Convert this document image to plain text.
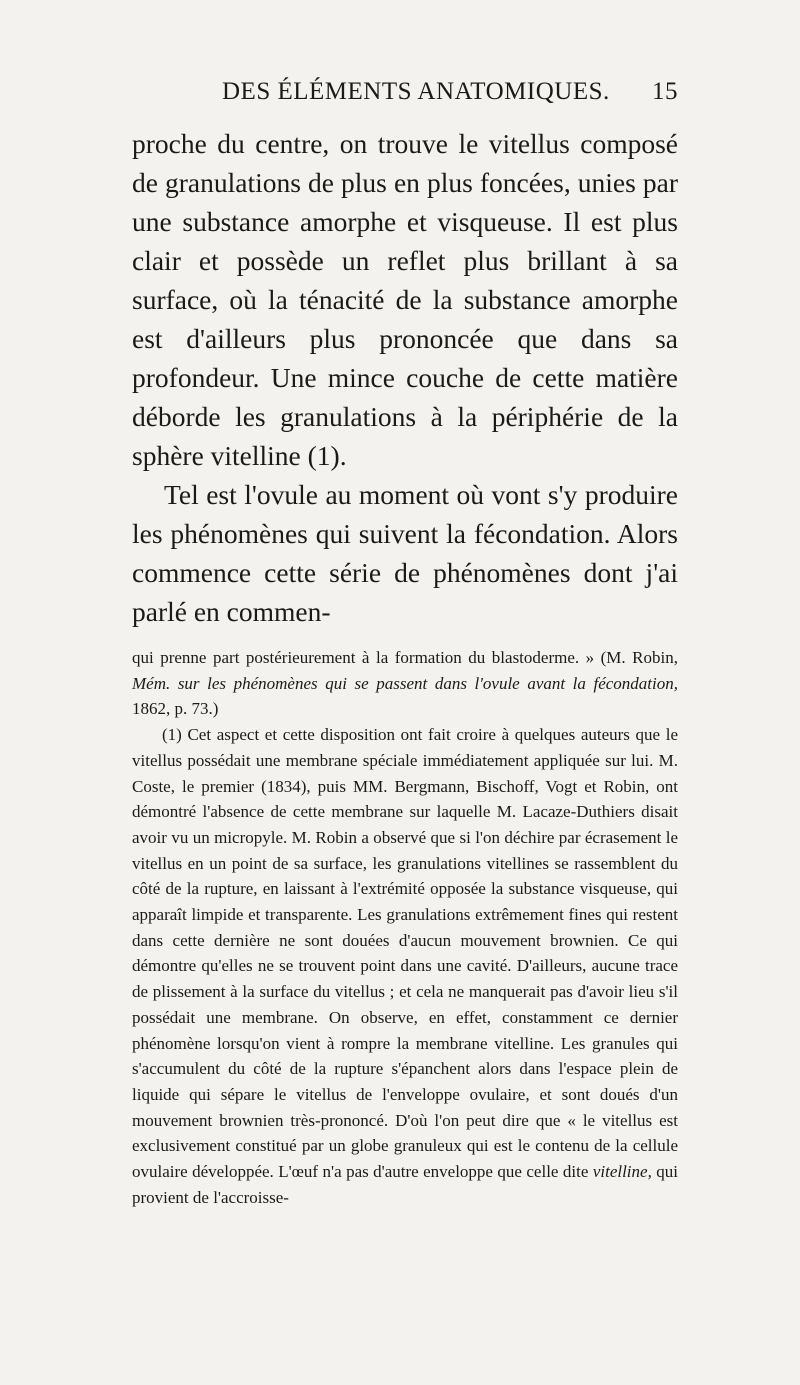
DES ÉLÉMENTS ANATOMIQUES. 15

proche du centre, on trouve le vitellus composé de granulations de plus en plus foncées, unies par une substance amorphe et visqueuse. Il est plus clair et possède un reflet plus brillant à sa surface, où la ténacité de la substance amorphe est d'ailleurs plus prononcée que dans sa profondeur. Une mince couche de cette matière déborde les granulations à la périphérie de la sphère vitelline (1).

Tel est l'ovule au moment où vont s'y produire les phénomènes qui suivent la fécondation. Alors commence cette série de phénomènes dont j'ai parlé en commen-

qui prenne part postérieurement à la formation du blastoderme. » (M. Robin, Mém. sur les phénomènes qui se passent dans l'ovule avant la fécondation, 1862, p. 73.)

(1) Cet aspect et cette disposition ont fait croire à quelques auteurs que le vitellus possédait une membrane spéciale immédiatement appliquée sur lui. M. Coste, le premier (1834), puis MM. Bergmann, Bischoff, Vogt et Robin, ont démontré l'absence de cette membrane sur laquelle M. Lacaze-Duthiers disait avoir vu un micropyle. M. Robin a observé que si l'on déchire par écrasement le vitellus en un point de sa surface, les granulations vitellines se rassemblent du côté de la rupture, en laissant à l'extrémité opposée la substance visqueuse, qui apparaît limpide et transparente. Les granulations extrêmement fines qui restent dans cette dernière ne sont douées d'aucun mouvement brownien. Ce qui démontre qu'elles ne se trouvent point dans une cavité. D'ailleurs, aucune trace de plissement à la surface du vitellus ; et cela ne manquerait pas d'avoir lieu s'il possédait une membrane. On observe, en effet, constamment ce dernier phénomène lorsqu'on vient à rompre la membrane vitelline. Les granules qui s'accumulent du côté de la rupture s'épanchent alors dans l'espace plein de liquide qui sépare le vitellus de l'enveloppe ovulaire, et sont doués d'un mouvement brownien très-prononcé. D'où l'on peut dire que « le vitellus est exclusivement constitué par un globe granuleux qui est le contenu de la cellule ovulaire développée. L'œuf n'a pas d'autre enveloppe que celle dite vitelline, qui provient de l'accroisse-
